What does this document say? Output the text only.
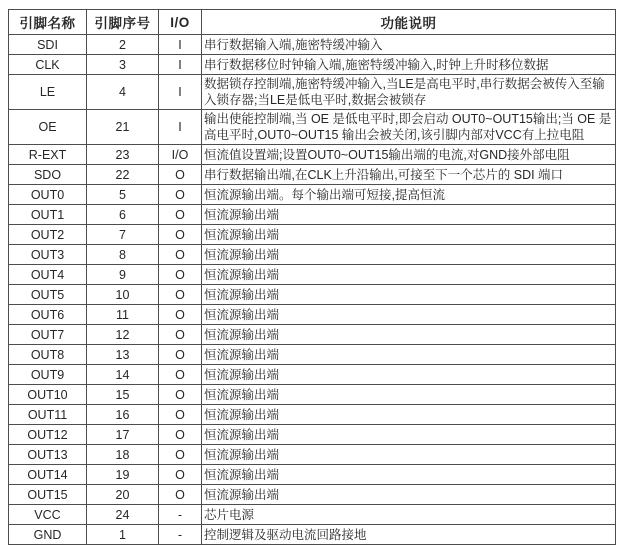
引脚名称	引脚序号	I/O	功能说明
SDI	2	I	串行数据输入端,施密特缓冲输入
CLK	3	I	串行数据移位时钟输入端,施密特缓冲输入,时钟上升时移位数据
LE	4	I	数据锁存控制端,施密特缓冲输入,当LE是高电平时,串行数据会被传入至输入锁存器;当LE是低电平时,数据会被锁存
OE	21	I	输出使能控制端,当 OE 是低电平时,即会启动 OUT0~OUT15输出;当 OE 是高电平时,OUT0~OUT15 输出会被关闭,该引脚内部对VCC有上拉电阻
R-EXT	23	I/O	恒流值设置端;设置OUT0~OUT15输出端的电流,对GND接外部电阻
SDO	22	O	串行数据输出端,在CLK上升沿输出,可接至下一个芯片的 SDI 端口
OUT0	5	O	恒流源输出端。每个输出端可短接,提高恒流
OUT1	6	O	恒流源输出端
OUT2	7	O	恒流源输出端
OUT3	8	O	恒流源输出端
OUT4	9	O	恒流源输出端
OUT5	10	O	恒流源输出端
OUT6	11	O	恒流源输出端
OUT7	12	O	恒流源输出端
OUT8	13	O	恒流源输出端
OUT9	14	O	恒流源输出端
OUT10	15	O	恒流源输出端
OUT11	16	O	恒流源输出端
OUT12	17	O	恒流源输出端
OUT13	18	O	恒流源输出端
OUT14	19	O	恒流源输出端
OUT15	20	O	恒流源输出端
VCC	24	-	芯片电源
GND	1	-	控制逻辑及驱动电流回路接地
